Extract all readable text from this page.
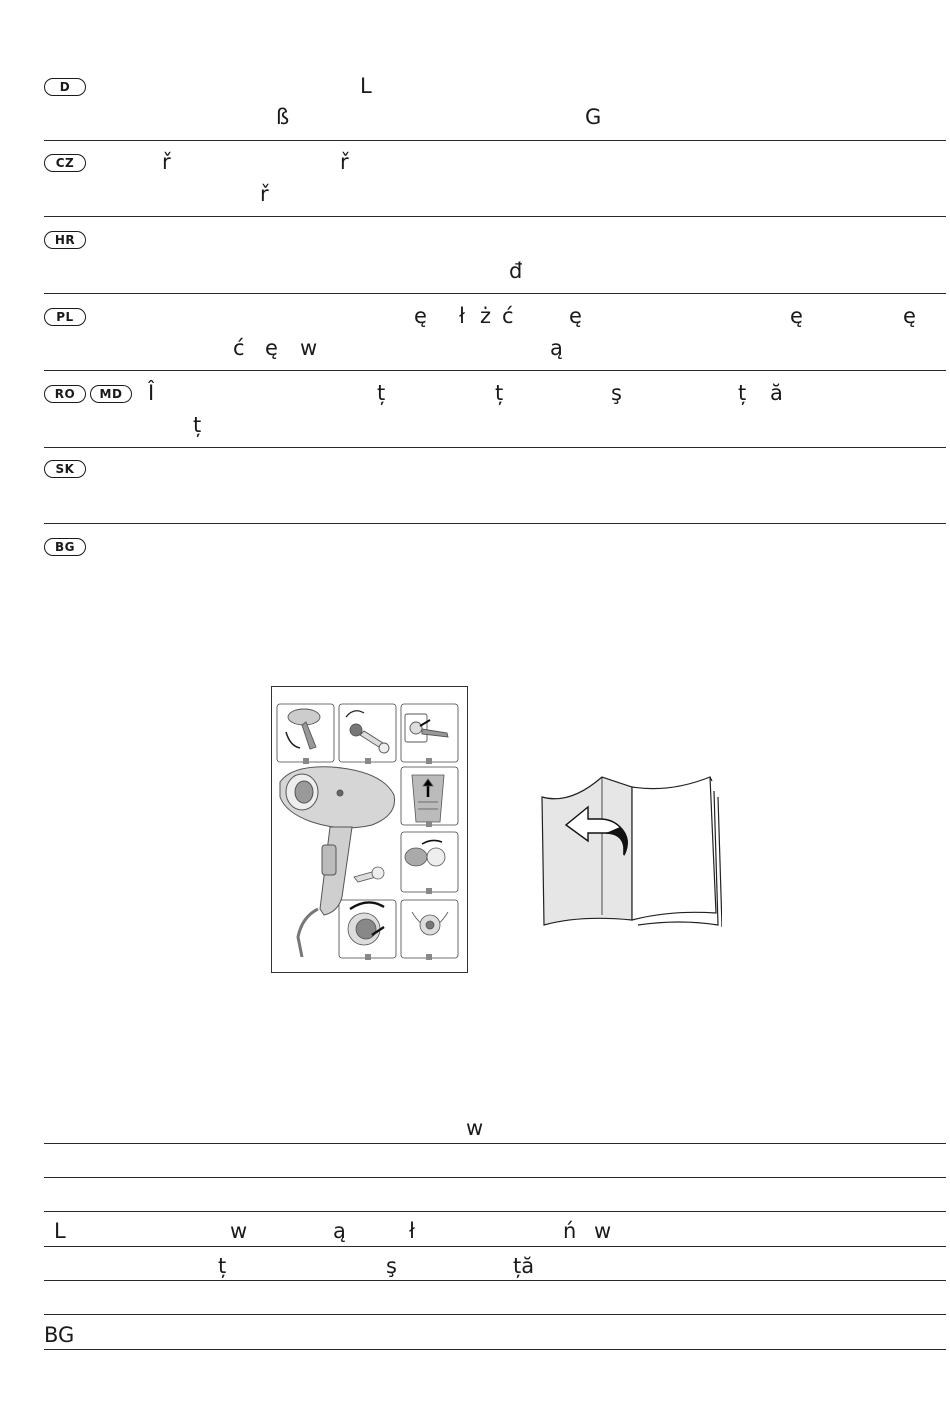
D
CZ
HR
PL
RO	MD
SK
BG
L
ß	G
ř	ř
ř
đ
ę ł ż ć	ę	ę	ę
ć ę w	ą
Î	ț	ț	ş	ț ă
ț
w
L	w	ą	ł	ń w
ț	ş	ță
BG
